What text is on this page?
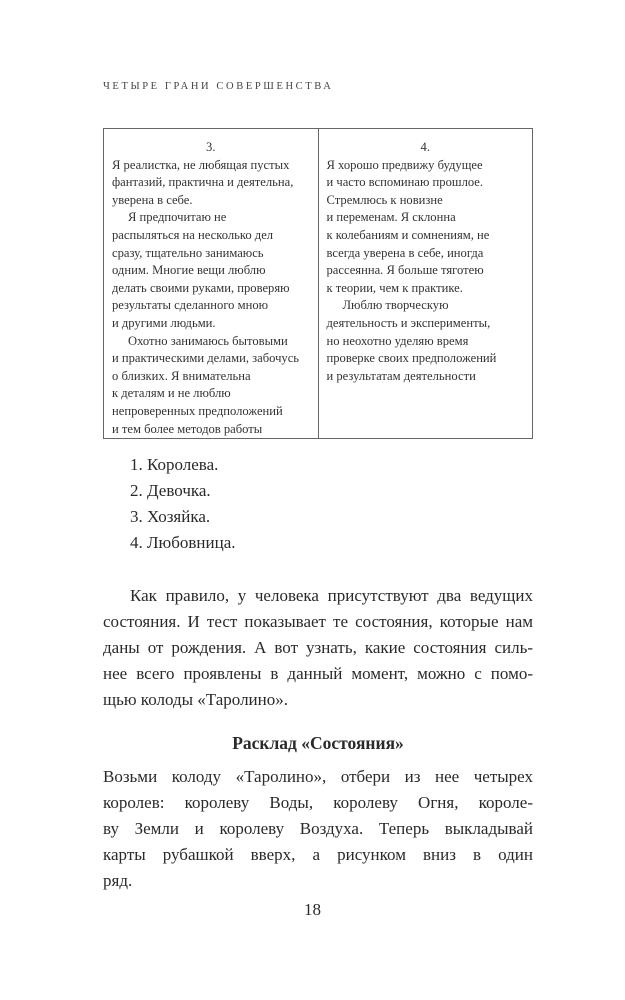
ЧЕТЫРЕ ГРАНИ СОВЕРШЕНСТВА
3.
Я реалистка, не любящая пустых
фантазий, практична и деятельна,
уверена в себе.
Я предпочитаю не
распыляться на несколько дел
сразу, тщательно занимаюсь
одним. Многие вещи люблю
делать своими руками, проверяю
результаты сделанного мною
и другими людьми.
Охотно занимаюсь бытовыми
и практическими делами, забочусь
о близких. Я внимательна
к деталям и не люблю
непроверенных предположений
и тем более методов работы
4.
Я хорошо предвижу будущее
и часто вспоминаю прошлое.
Стремлюсь к новизне
и переменам. Я склонна
к колебаниям и сомнениям, не
всегда уверена в себе, иногда
рассеянна. Я больше тяготею
к теории, чем к практике.
Люблю творческую
деятельность и эксперименты,
но неохотно уделяю время
проверке своих предположений
и результатам деятельности
1. Королева.
2. Девочка.
3. Хозяйка.
4. Любовница.
Как правило, у человека присутствуют два ведущих
состояния. И тест показывает те состояния, которые нам
даны от рождения. А вот узнать, какие состояния силь-
нее всего проявлены в данный момент, можно с помо-
щью колоды «Таролино».
Расклад «Состояния»
Возьми колоду «Таролино», отбери из нее четырех
королев: королеву Воды, королеву Огня, короле-
ву Земли и королеву Воздуха. Теперь выкладывай
карты рубашкой вверх, а рисунком вниз в один
ряд.
18
